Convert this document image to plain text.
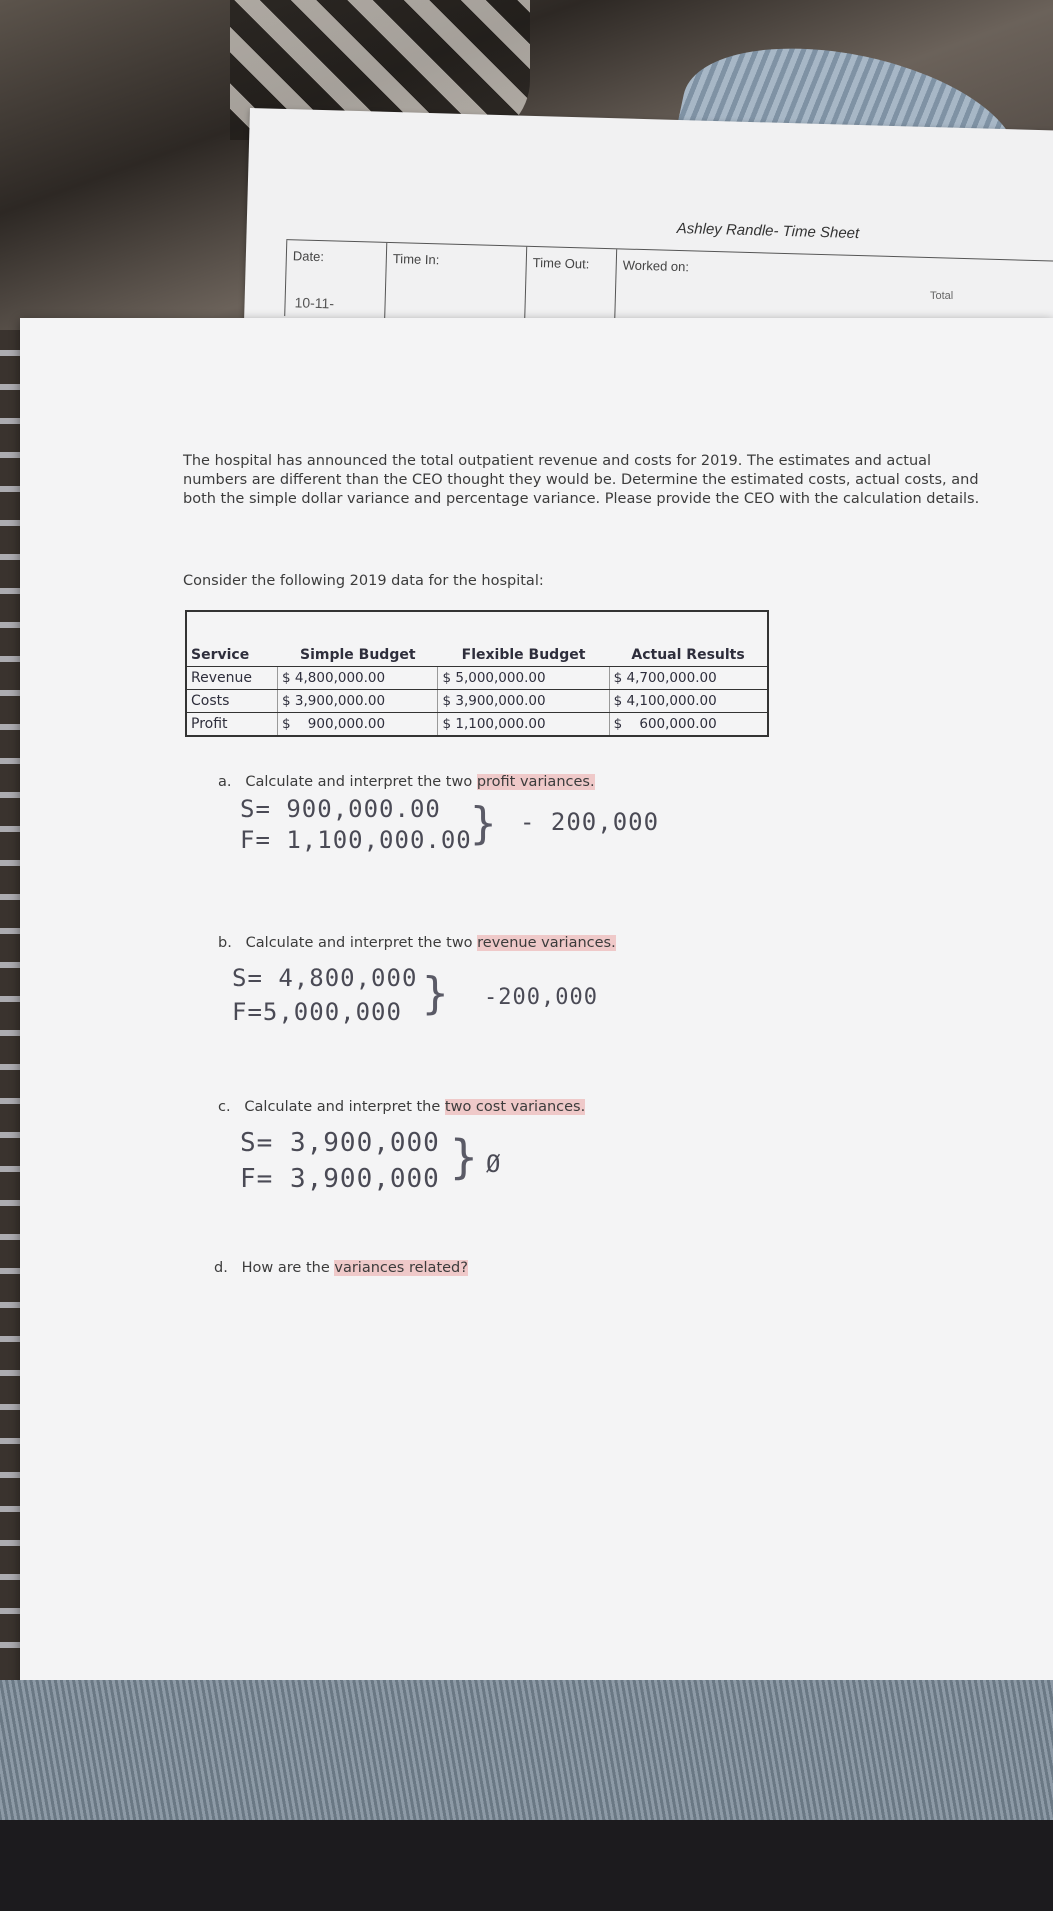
Ashley Randle- Time Sheet
Date:	Time In:	Time Out:	Worked on:
10-11-	Total
The hospital has announced the total outpatient revenue and costs for 2019. The estimates and actual numbers are different than the CEO thought they would be. Determine the estimated costs, actual costs, and both the simple dollar variance and percentage variance. Please provide the CEO with the calculation details.
Consider the following 2019 data for the hospital:

Service	Simple Budget	Flexible Budget	Actual Results
Revenue	$ 4,800,000.00	$ 5,000,000.00	$ 4,700,000.00
Costs	$ 3,900,000.00	$ 3,900,000.00	$ 4,100,000.00
Profit	$    900,000.00	$ 1,100,000.00	$    600,000.00
a. Calculate and interpret the two profit variances.
S= 900,000.00
F= 1,100,000.00
} - 200,000
b. Calculate and interpret the two revenue variances.
S= 4,800,000
F=5,000,000 } -200,000
c. Calculate and interpret the two cost variances.
S= 3,900,000
F= 3,900,000 } Ø
d. How are the variances related?
